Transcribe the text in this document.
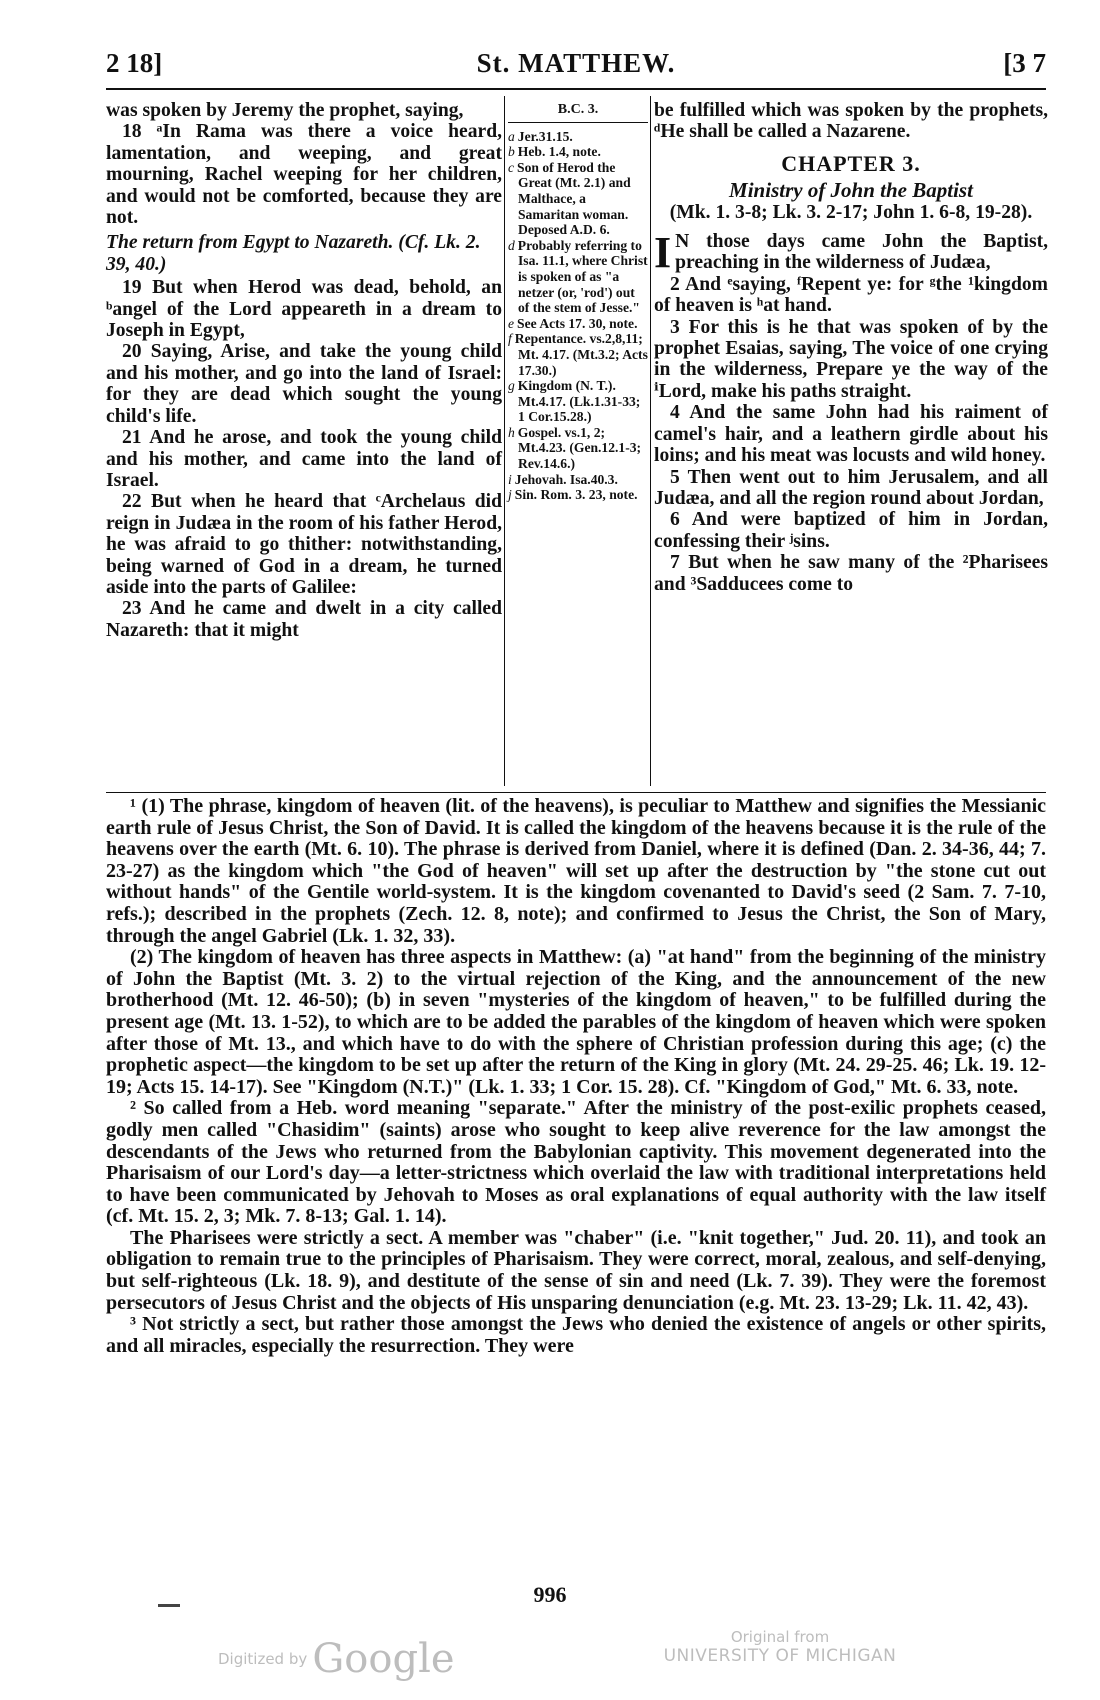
2 18]	St. MATTHEW.	[3 7

was spoken by Jeremy the prophet, saying,

18 ᵃIn Rama was there a voice heard, lamentation, and weeping, and great mourning, Rachel weeping for her children, and would not be comforted, because they are not.

The return from Egypt to Nazareth. (Cf. Lk. 2. 39, 40.)

19 But when Herod was dead, behold, an ᵇangel of the Lord appeareth in a dream to Joseph in Egypt,

20 Saying, Arise, and take the young child and his mother, and go into the land of Israel: for they are dead which sought the young child's life.

21 And he arose, and took the young child and his mother, and came into the land of Israel.

22 But when he heard that ᶜArchelaus did reign in Judæa in the room of his father Herod, he was afraid to go thither: notwithstanding, being warned of God in a dream, he turned aside into the parts of Galilee:

23 And he came and dwelt in a city called Nazareth: that it might

B.C. 3.

a Jer.31.15.

b Heb. 1.4, note.

c Son of Herod the Great (Mt. 2.1) and Malthace, a Samaritan woman. Deposed A.D. 6.

d Probably referring to Isa. 11.1, where Christ is spoken of as "a netzer (or, 'rod') out of the stem of Jesse."

e See Acts 17. 30, note.

f Repentance. vs.2,8,11; Mt. 4.17. (Mt.3.2; Acts 17.30.)

g Kingdom (N. T.). Mt.4.17. (Lk.1.31-33; 1 Cor.15.28.)

h Gospel. vs.1, 2; Mt.4.23. (Gen.12.1-3; Rev.14.6.)

i Jehovah. Isa.40.3.

j Sin. Rom. 3. 23, note.

be fulfilled which was spoken by the prophets, ᵈHe shall be called a Nazarene.

CHAPTER 3.

Ministry of John the Baptist

(Mk. 1. 3-8; Lk. 3. 2-17; John 1. 6-8, 19-28).

I N those days came John the Baptist, preaching in the wilderness of Judæa,

2 And ᵉsaying, ᶠRepent ye: for ᵍthe ¹kingdom of heaven is ʰat hand.

3 For this is he that was spoken of by the prophet Esaias, saying, The voice of one crying in the wilderness, Prepare ye the way of the ⁱLord, make his paths straight.

4 And the same John had his raiment of camel's hair, and a leathern girdle about his loins; and his meat was locusts and wild honey.

5 Then went out to him Jerusalem, and all Judæa, and all the region round about Jordan,

6 And were baptized of him in Jordan, confessing their ʲsins.

7 But when he saw many of the ²Pharisees and ³Sadducees come to

¹ (1) The phrase, kingdom of heaven (lit. of the heavens), is peculiar to Matthew and signifies the Messianic earth rule of Jesus Christ, the Son of David. It is called the kingdom of the heavens because it is the rule of the heavens over the earth (Mt. 6. 10). The phrase is derived from Daniel, where it is defined (Dan. 2. 34-36, 44; 7. 23-27) as the kingdom which "the God of heaven" will set up after the destruction by "the stone cut out without hands" of the Gentile world-system. It is the kingdom covenanted to David's seed (2 Sam. 7. 7-10, refs.); described in the prophets (Zech. 12. 8, note); and confirmed to Jesus the Christ, the Son of Mary, through the angel Gabriel (Lk. 1. 32, 33).

(2) The kingdom of heaven has three aspects in Matthew: (a) "at hand" from the beginning of the ministry of John the Baptist (Mt. 3. 2) to the virtual rejection of the King, and the announcement of the new brotherhood (Mt. 12. 46-50); (b) in seven "mysteries of the kingdom of heaven," to be fulfilled during the present age (Mt. 13. 1-52), to which are to be added the parables of the kingdom of heaven which were spoken after those of Mt. 13., and which have to do with the sphere of Christian profession during this age; (c) the prophetic aspect—the kingdom to be set up after the return of the King in glory (Mt. 24. 29-25. 46; Lk. 19. 12-19; Acts 15. 14-17). See "Kingdom (N.T.)" (Lk. 1. 33; 1 Cor. 15. 28). Cf. "Kingdom of God," Mt. 6. 33, note.

² So called from a Heb. word meaning "separate." After the ministry of the post-exilic prophets ceased, godly men called "Chasidim" (saints) arose who sought to keep alive reverence for the law amongst the descendants of the Jews who returned from the Babylonian captivity. This movement degenerated into the Pharisaism of our Lord's day—a letter-strictness which overlaid the law with traditional interpretations held to have been communicated by Jehovah to Moses as oral explanations of equal authority with the law itself (cf. Mt. 15. 2, 3; Mk. 7. 8-13; Gal. 1. 14).

The Pharisees were strictly a sect. A member was "chaber" (i.e. "knit together," Jud. 20. 11), and took an obligation to remain true to the principles of Pharisaism. They were correct, moral, zealous, and self-denying, but self-righteous (Lk. 18. 9), and destitute of the sense of sin and need (Lk. 7. 39). They were the foremost persecutors of Jesus Christ and the objects of His unsparing denunciation (e.g. Mt. 23. 13-29; Lk. 11. 42, 43).

³ Not strictly a sect, but rather those amongst the Jews who denied the existence of angels or other spirits, and all miracles, especially the resurrection. They were

996
Digitized by Google	Original from
UNIVERSITY OF MICHIGAN
